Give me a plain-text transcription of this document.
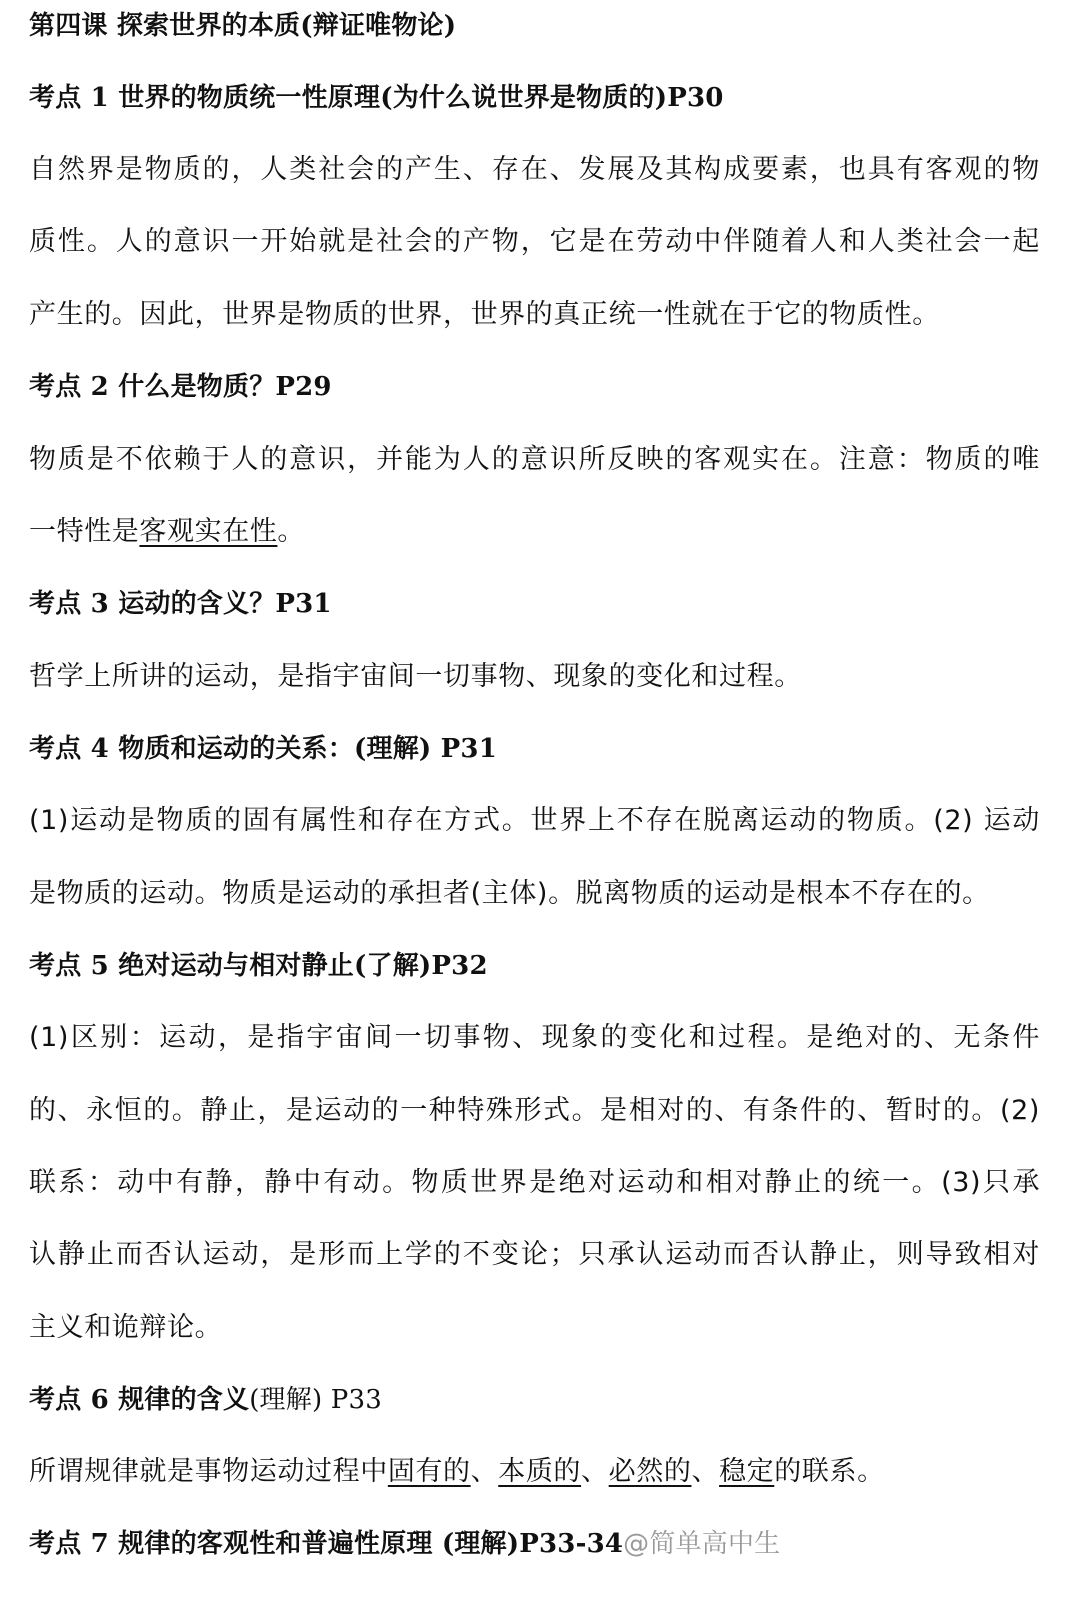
第四课 探索世界的本质(辩证唯物论)
考点 1 世界的物质统一性原理(为什么说世界是物质的)P30
自然界是物质的，人类社会的产生、存在、发展及其构成要素，也具有客观的物
质性。人的意识一开始就是社会的产物，它是在劳动中伴随着人和人类社会一起
产生的。因此，世界是物质的世界，世界的真正统一性就在于它的物质性。
考点 2 什么是物质？P29
物质是不依赖于人的意识，并能为人的意识所反映的客观实在。注意：物质的唯
一特性是客观实在性。
考点 3 运动的含义？P31
哲学上所讲的运动，是指宇宙间一切事物、现象的变化和过程。
考点 4 物质和运动的关系：(理解) P31
(1)运动是物质的固有属性和存在方式。世界上不存在脱离运动的物质。(2) 运动
是物质的运动。物质是运动的承担者(主体)。脱离物质的运动是根本不存在的。
考点 5 绝对运动与相对静止(了解)P32
(1)区别：运动，是指宇宙间一切事物、现象的变化和过程。是绝对的、无条件
的、永恒的。静止，是运动的一种特殊形式。是相对的、有条件的、暂时的。(2)
联系：动中有静，静中有动。物质世界是绝对运动和相对静止的统一。(3)只承
认静止而否认运动，是形而上学的不变论；只承认运动而否认静止，则导致相对
主义和诡辩论。
考点 6 规律的含义(理解) P33
所谓规律就是事物运动过程中固有的、本质的、必然的、稳定的联系。
考点 7 规律的客观性和普遍性原理 (理解)P33-34@简单高中生
